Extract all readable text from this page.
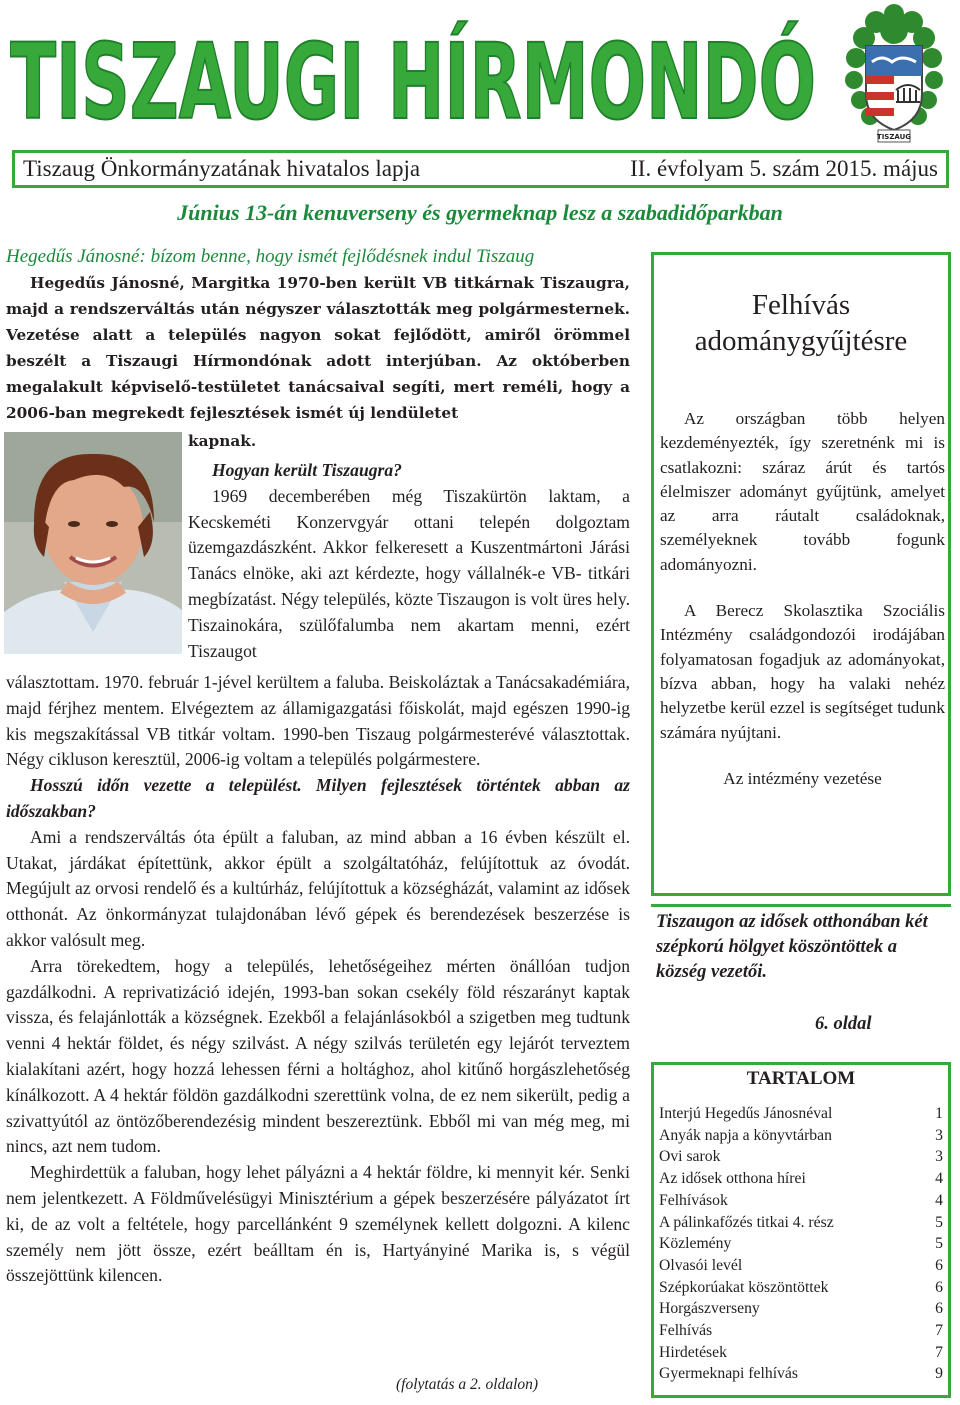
TISZAUGI HÍRMONDÓ	TISZAUG
Tiszaug Önkormányzatának hivatalos lapja	II. évfolyam 5. szám 2015. május
Június 13-án kenuverseny és gyermeknap lesz a szabadidőparkban
Hegedűs Jánosné: bízom benne, hogy ismét fejlődésnek indul Tiszaug

Hegedűs Jánosné, Margitka 1970-ben került VB titkárnak Tiszaugra, majd a rendszerváltás után négyszer választották meg polgármesternek. Vezetése alatt a település nagyon sokat fejlődött, amiről örömmel beszélt a Tiszaugi Hírmondónak adott interjúban. Az októberben megalakult képviselő-testületet tanácsaival segíti, mert reméli, hogy a 2006-ban megrekedt fejlesztések ismét új lendületet

kapnak.

Hogyan került Tiszaugra?

1969 decemberében még Tiszakürtön laktam, a Kecskeméti Konzervgyár ottani telepén dolgoztam üzemgazdászként. Akkor felkeresett a Kuszentmártoni Járási Tanács elnöke, aki azt kérdezte, hogy vállalnék-e VB- titkári megbízatást. Négy település, közte Tiszaugon is volt üres hely. Tiszainokára, szülőfalumba nem akartam menni, ezért Tiszaugot

választottam. 1970. február 1-jével kerültem a faluba. Beiskoláztak a Tanácsakadémiára, majd férjhez mentem. Elvégeztem az államigazgatási főiskolát, majd egészen 1990-ig kis megszakítással VB titkár voltam. 1990-ben Tiszaug polgármesterévé választottak. Négy cikluson keresztül, 2006-ig voltam a település polgármestere.

Hosszú időn vezette a települést. Milyen fejlesztések történtek abban az időszakban?

Ami a rendszerváltás óta épült a faluban, az mind abban a 16 évben készült el. Utakat, járdákat építettünk, akkor épült a szolgáltatóház, felújítottuk az óvodát. Megújult az orvosi rendelő és a kultúrház, felújítottuk a községházát, valamint az idősek otthonát. Az önkormányzat tulajdonában lévő gépek és berendezések beszerzése is akkor valósult meg.

Arra törekedtem, hogy a település, lehetőségeihez mérten önállóan tudjon gazdálkodni. A reprivatizáció idején, 1993-ban sokan csekély föld részarányt kaptak vissza, és felajánlották a községnek. Ezekből a felajánlásokból a szigetben meg tudtunk venni 4 hektár földet, és négy szilvást. A négy szilvás területén egy lejárót terveztem kialakítani azért, hogy hozzá lehessen férni a holtághoz, ahol kitűnő horgászlehetőség kínálkozott. A 4 hektár földön gazdálkodni szerettünk volna, de ez nem sikerült, pedig a szivattyútól az öntözőberendezésig mindent beszereztünk. Ebből mi van még meg, mi nincs, azt nem tudom.

Meghirdettük a faluban, hogy lehet pályázni a 4 hektár földre, ki mennyit kér. Senki nem jelentkezett. A Földművelésügyi Minisztérium a gépek beszerzésére pályázatot írt ki, de az volt a feltétele, hogy parcellánként 9 személynek kellett dolgozni. A kilenc személy nem jött össze, ezért beálltam én is, Hartyányiné Marika is, s végül összejöttünk kilencen.

(folytatás a 2. oldalon)
Felhívás
adománygyűjtésre

Az országban több helyen kezdeményezték, így szeretnénk mi is csatlakozni: száraz árút és tartós élelmiszer adományt gyűjtünk, amelyet az arra ráutalt családoknak, személyeknek tovább fogunk adományozni.

A Berecz Skolasztika Szociális Intézmény családgondozói irodájában folyamatosan fogadjuk az adományokat, bízva abban, hogy ha valaki nehéz helyzetbe kerül ezzel is segítséget tudunk számára nyújtani.

Az intézmény vezetése

Tiszaugon az idősek otthonában két szépkorú hölgyet köszöntöttek a község vezetői.
6. oldal
TARTALOM
Interjú Hegedűs Jánosnéval	1
Anyák napja a könyvtárban	3
Ovi sarok	3
Az idősek otthona hírei	4
Felhívások	4
A pálinkafőzés titkai 4. rész	5
Közlemény	5
Olvasói levél	6
Szépkorúakat köszöntöttek	6
Horgászverseny	6
Felhívás	7
Hirdetések	7
Gyermeknapi felhívás	9
